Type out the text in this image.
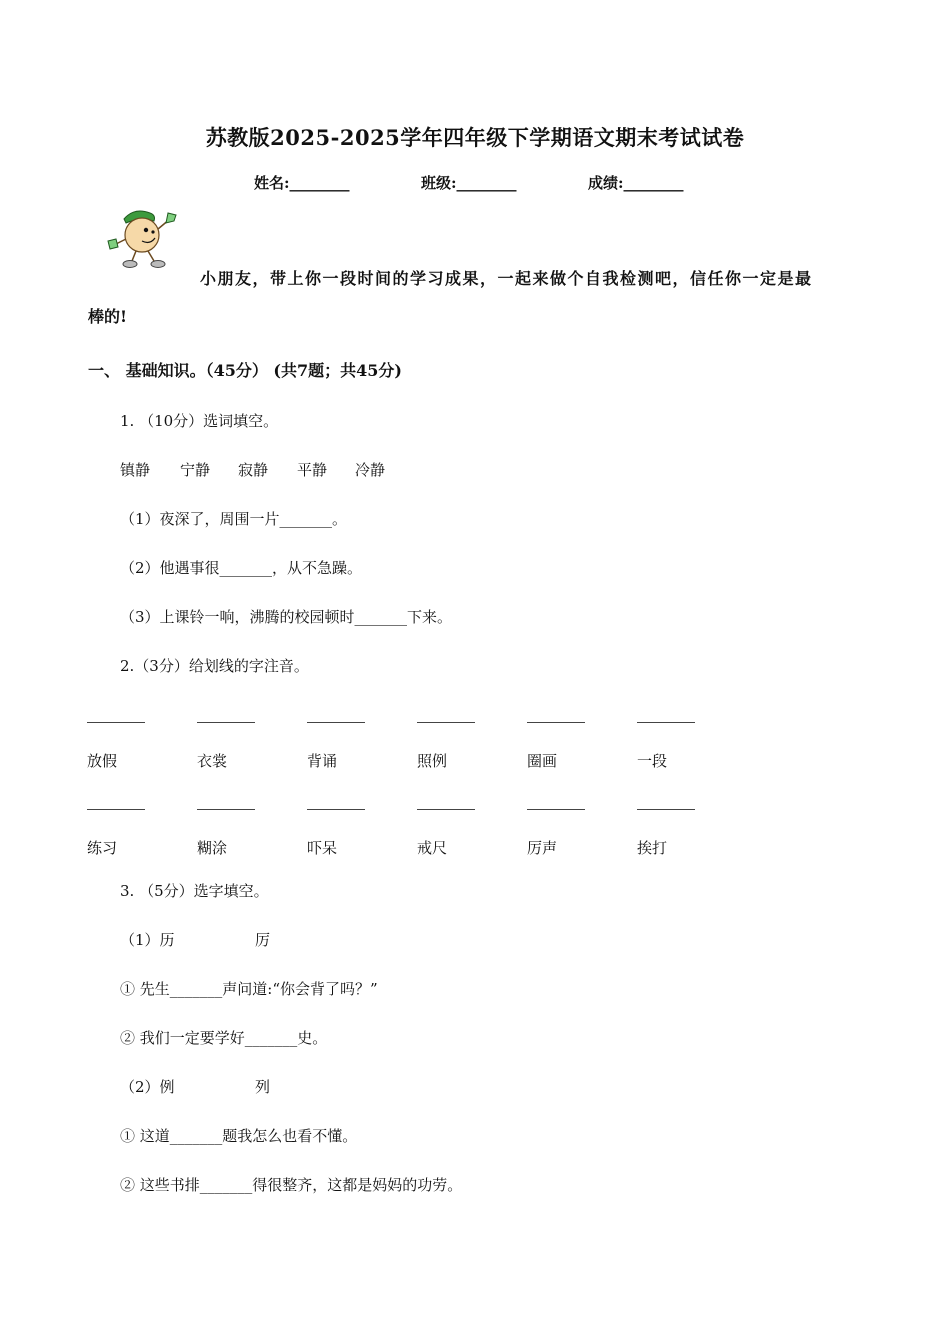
苏教版2025-2025学年四年级下学期语文期末考试试卷
姓名:________	班级:________	成绩:________
小朋友，带上你一段时间的学习成果，一起来做个自我检测吧，信任你一定是最
棒的!
一、 基础知识。（45分） (共7题；共45分)
1. （10分）选词填空。
镇静 宁静 寂静 平静 冷静
（1）夜深了，周围一片_______。
（2）他遇事很_______，从不急躁。
（3）上课铃一响，沸腾的校园顿时_______下来。
2.（3分）给划线的字注音。
放假	衣裳	背诵	照例	圈画	一段
练习	糊涂	吓呆	戒尺	厉声	挨打
3. （5分）选字填空。
（1）历	厉
① 先生_______声问道:“你会背了吗？”
② 我们一定要学好_______史。
（2）例	列
① 这道_______题我怎么也看不懂。
② 这些书排_______得很整齐，这都是妈妈的功劳。
